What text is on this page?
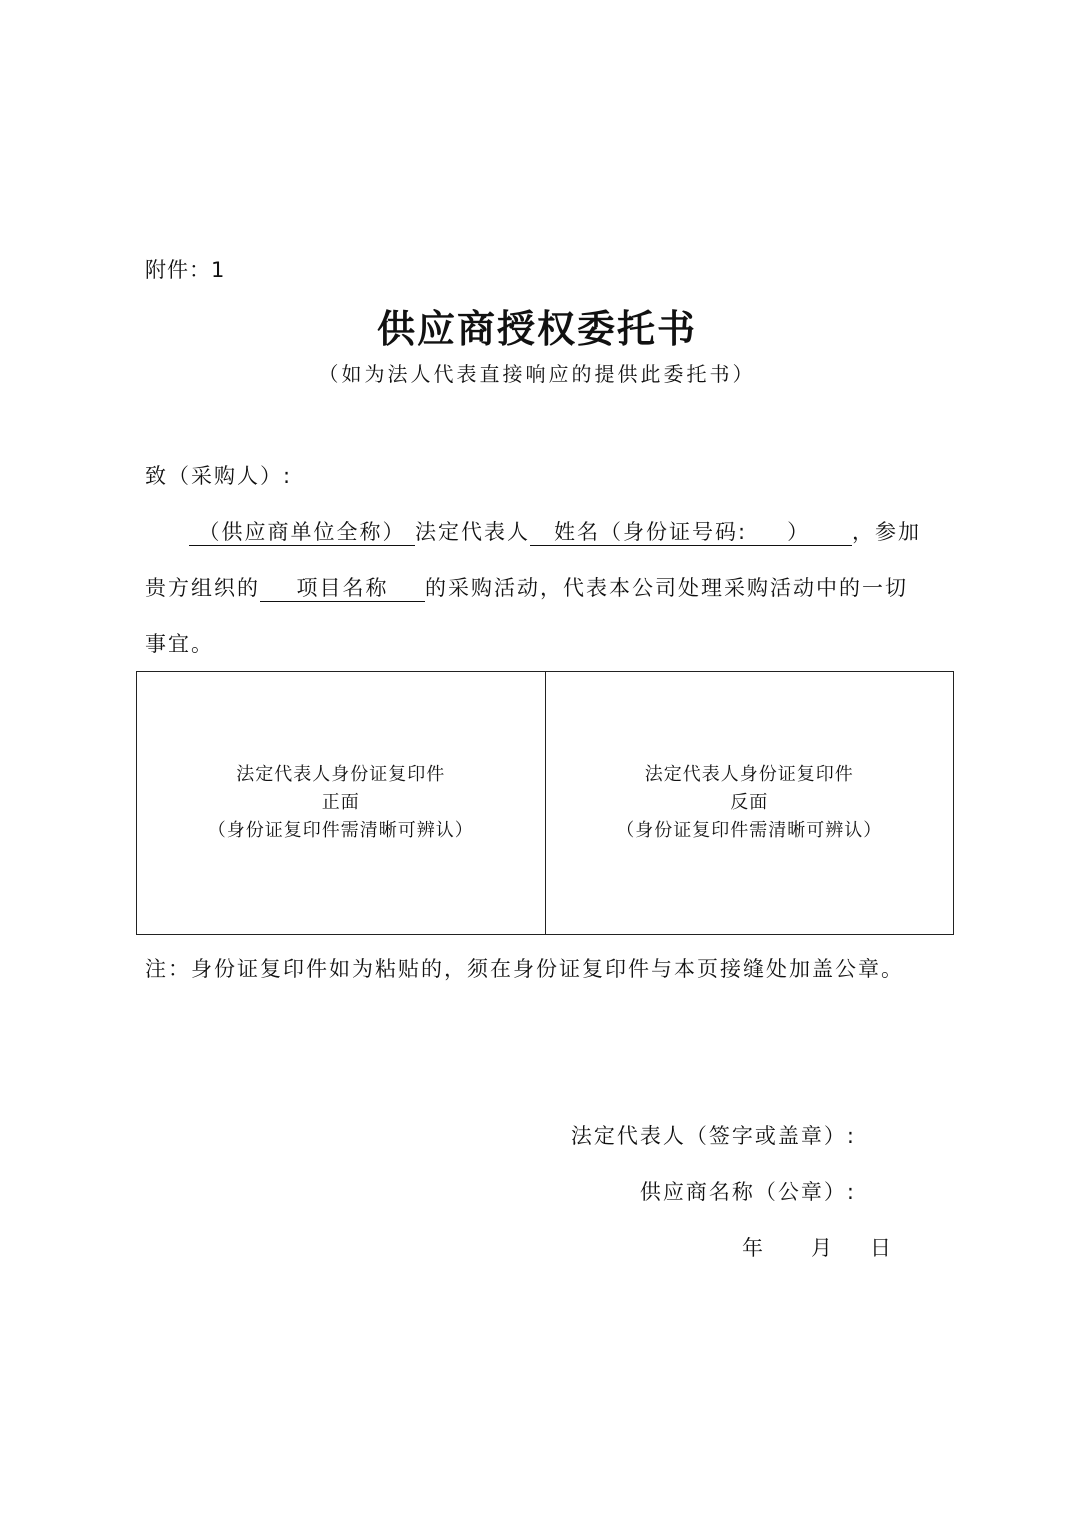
附件：1
供应商授权委托书
（如为法人代表直接响应的提供此委托书）
致（采购人）:
（供应商单位全称） 法定代表人 姓名（身份证号码: ） ，参加
贵方组织的 项目名称 的采购活动，代表本公司处理采购活动中的一切
事宜。
法定代表人身份证复印件
正面
（身份证复印件需清晰可辨认）
法定代表人身份证复印件
反面
（身份证复印件需清晰可辨认）
注：身份证复印件如为粘贴的，须在身份证复印件与本页接缝处加盖公章。
法定代表人（签字或盖章）:
供应商名称（公章）:
年 月 日
